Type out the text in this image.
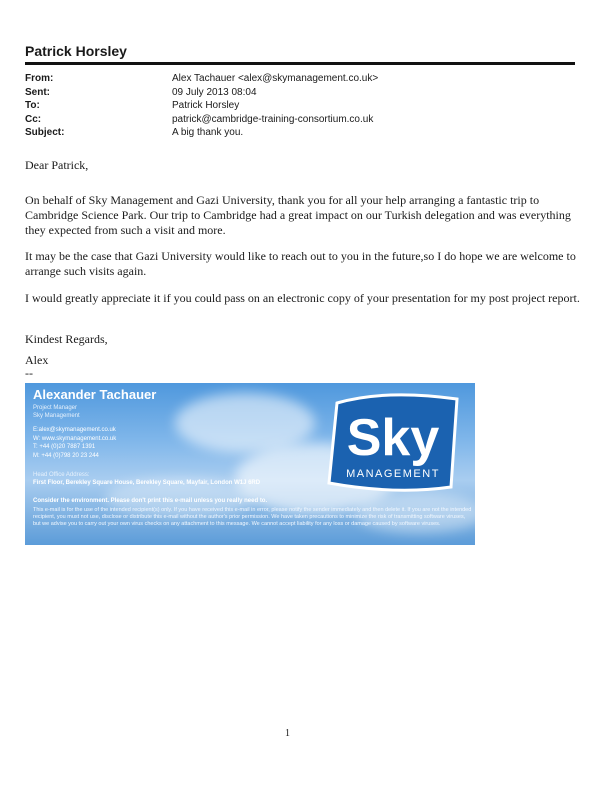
Patrick Horsley
From:	Alex Tachauer <alex@skymanagement.co.uk>
Sent:	09 July 2013 08:04
To:	Patrick Horsley
Cc:	patrick@cambridge-training-consortium.co.uk
Subject:	A big thank you.

Dear Patrick,

On behalf of Sky Management and Gazi University, thank you for all your help arranging a fantastic trip to Cambridge Science Park. Our trip to Cambridge had a great impact on our Turkish delegation and was everything they expected from such a visit and more.

It may be the case that Gazi University would like to reach out to you in the future,so I do hope we are welcome to arrange such visits again.

I would greatly appreciate it if you could pass on an electronic copy of your presentation for my post project report.

Kindest Regards,

Alex

--

Alexander Tachauer
Project Manager
Sky Management
E:alex@skymanagement.co.uk
W: www.skymanagement.co.uk
T: +44 (0)20 7887 1391
M: +44 (0)798 20 23 244
Head Office Address:
First Floor, Berekley Square House, Berekley Square, Mayfair, London W1J 6RD
Consider the environment. Please don't print this e-mail unless you really need to.
This e-mail is for the use of the intended recipient(s) only. If you have received this e-mail in error, please notify the sender immediately and then delete it. If you are not the intended recipient, you must not use, disclose or distribute this e-mail without the author's prior permission. We have taken precautions to minimize the risk of transmitting software viruses, but we advise you to carry out your own virus checks on any attachment to this message. We cannot accept liability for any loss or damage caused by software viruses.
Sky
MANAGEMENT
1
